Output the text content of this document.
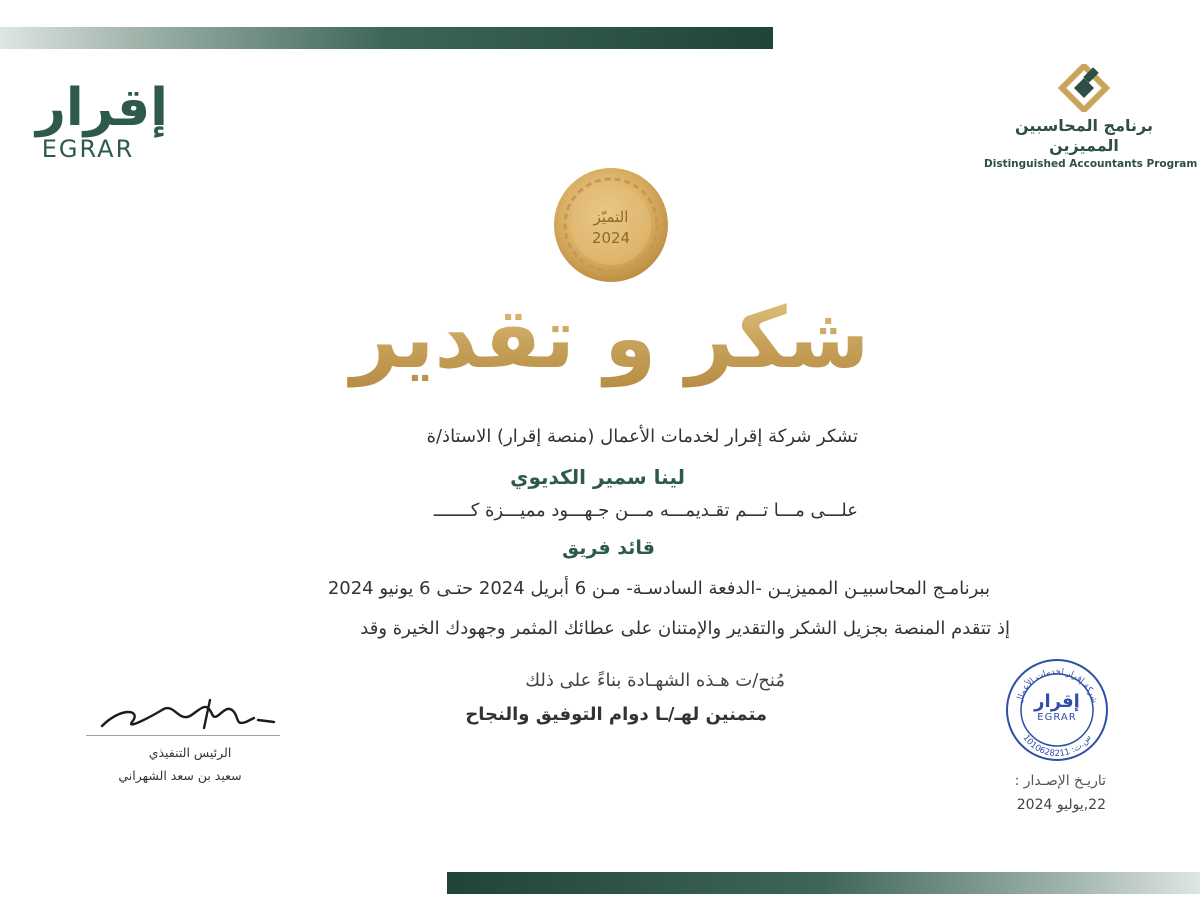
إقرار
EGRAR
برنامج المحاسبين المميزين
Distinguished Accountants Program
التميّز
2024
شكر و تقدير
تشكر شركة إقرار لخدمات الأعمال (منصة إقرار) الاستاذ/ة
لينا سمير الكديوي
علـــى مـــا تـــم تقـديمـــه مـــن جـهـــود مميـــزة كـــــــ
قائد فريق
ببرنامـج المحاسبيـن المميزيـن -الدفعة السادسـة- مـن 6 أبريل 2024 حتـى 6 يونيو 2024
إذ تتقدم المنصة بجزيل الشكر والتقدير والإمتنان على عطائك المثمر وجهودك الخيرة وقد
مُنح/ت هـذه الشهـادة بناءً على ذلك
متمنين لهـ/ـا دوام التوفيق والنجاح
الرئيس التنفيذي
سعيد بن سعد الشهراني
شركة إقرار لخدمات الأعمال
س.ت: 1010628211
إقرار
EGRAR
تاريـخ الإصـدار :
22,يوليو 2024
